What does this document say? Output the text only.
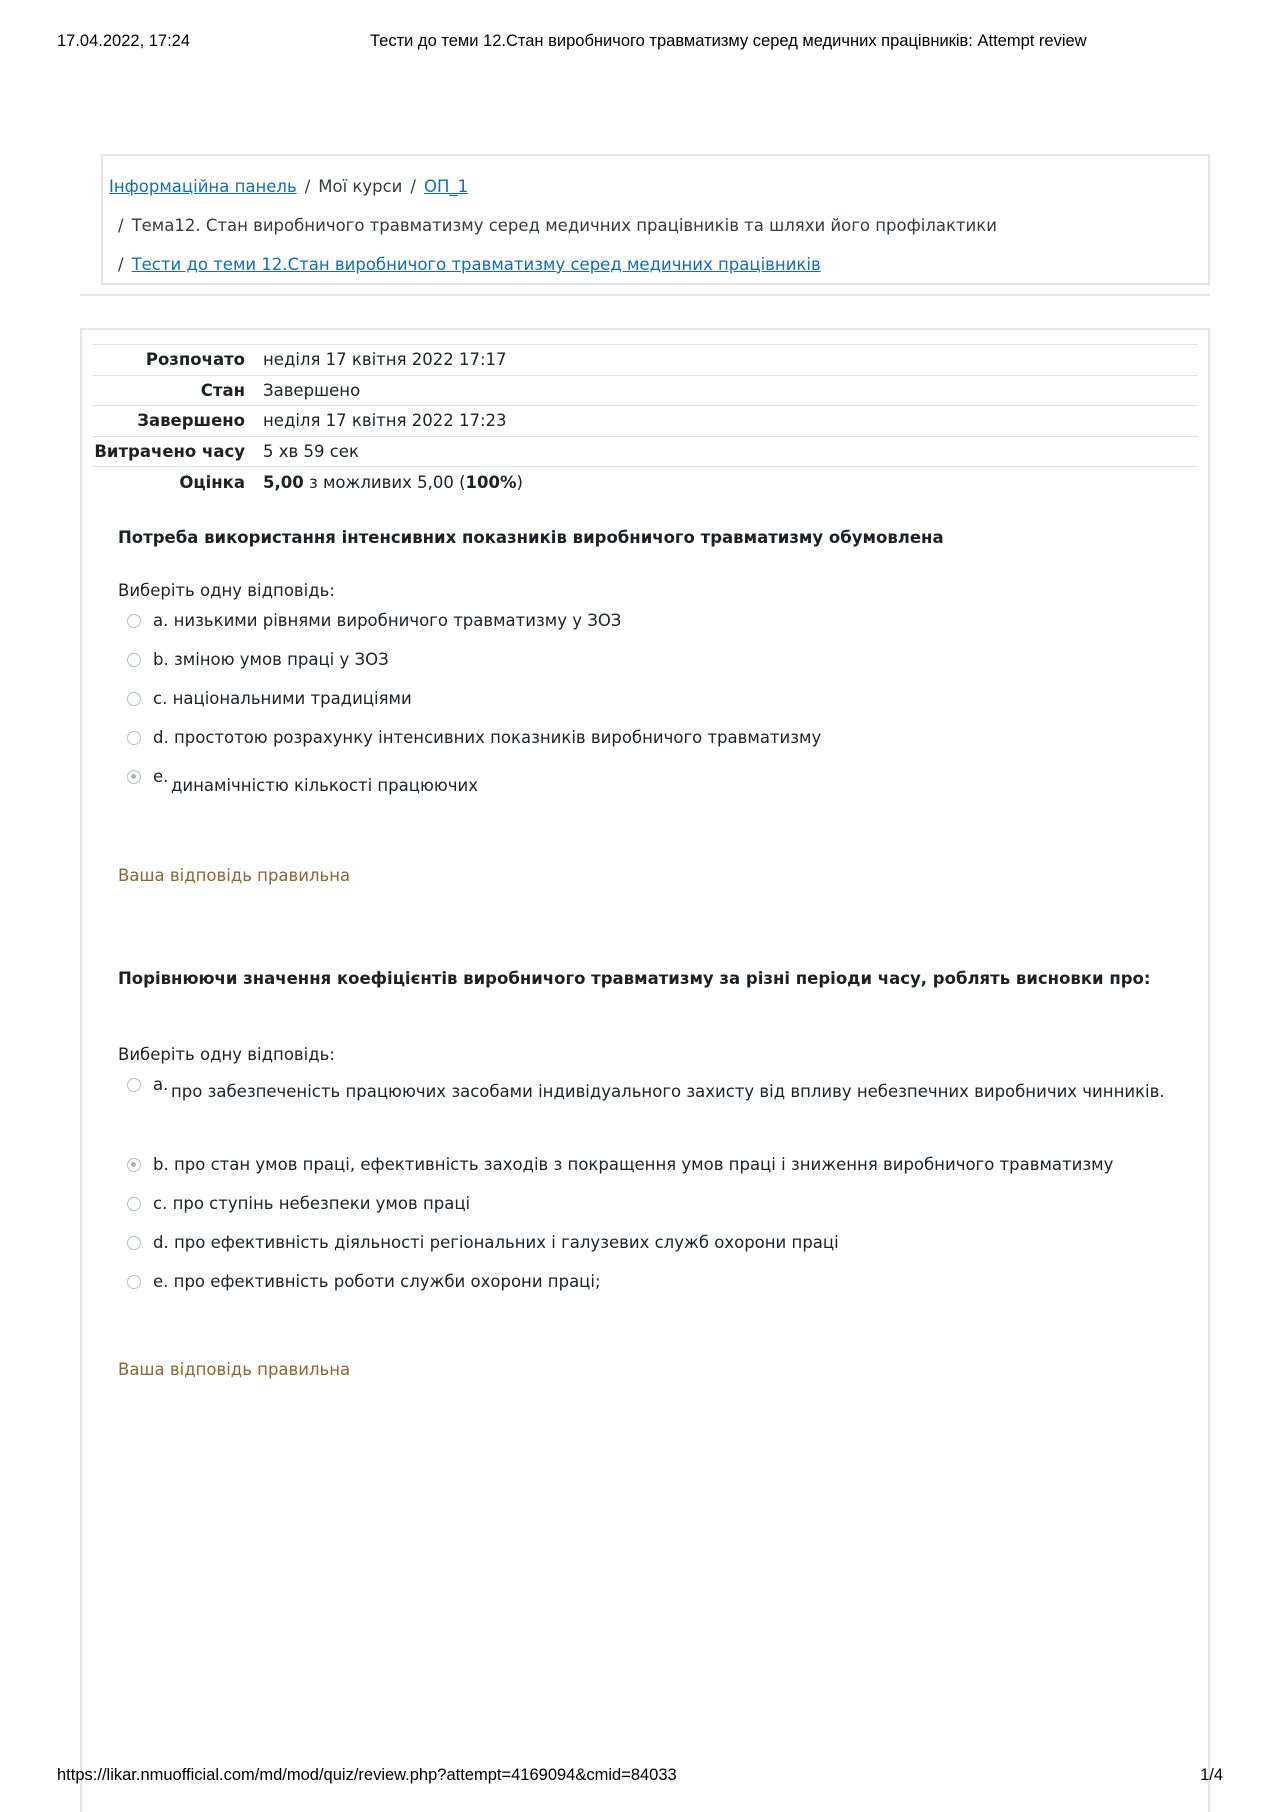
17.04.2022, 17:24	Тести до теми 12.Стан виробничого травматизму серед медичних працівників: Attempt review
Інформаційна панель / Мої курси / ОП_1
/ Тема12. Стан виробничого травматизму серед медичних працівників та шляхи його профілактики
/ Тести до теми 12.Стан виробничого травматизму серед медичних працівників
Розпочато	неділя 17 квітня 2022 17:17
Стан	Завершено
Завершено	неділя 17 квітня 2022 17:23
Витрачено часу	5 хв 59 сек
Оцінка	5,00 з можливих 5,00 (100%)
Потреба використання інтенсивних показників виробничого травматизму обумовлена
Виберіть одну відповідь:
a. низькими рівнями виробничого травматизму у ЗОЗ
b. зміною умов праці у ЗОЗ
c. національними традиціями
d. простотою розрахунку інтенсивних показників виробничого травматизму
e. динамічністю кількості працюючих
Ваша відповідь правильна
Порівнюючи значення коефіцієнтів виробничого травматизму за різні періоди часу, роблять висновки про:
Виберіть одну відповідь:
a. про забезпеченість працюючих засобами індивідуального захисту від впливу небезпечних виробничих чинників.
b. про стан умов праці, ефективність заходів з покращення умов праці і зниження виробничого травматизму
c. про ступінь небезпеки умов праці
d. про ефективність діяльності регіональних і галузевих служб охорони праці
e. про ефективність роботи служби охорони праці;
Ваша відповідь правильна
https://likar.nmuofficial.com/md/mod/quiz/review.php?attempt=4169094&cmid=84033	1/4
